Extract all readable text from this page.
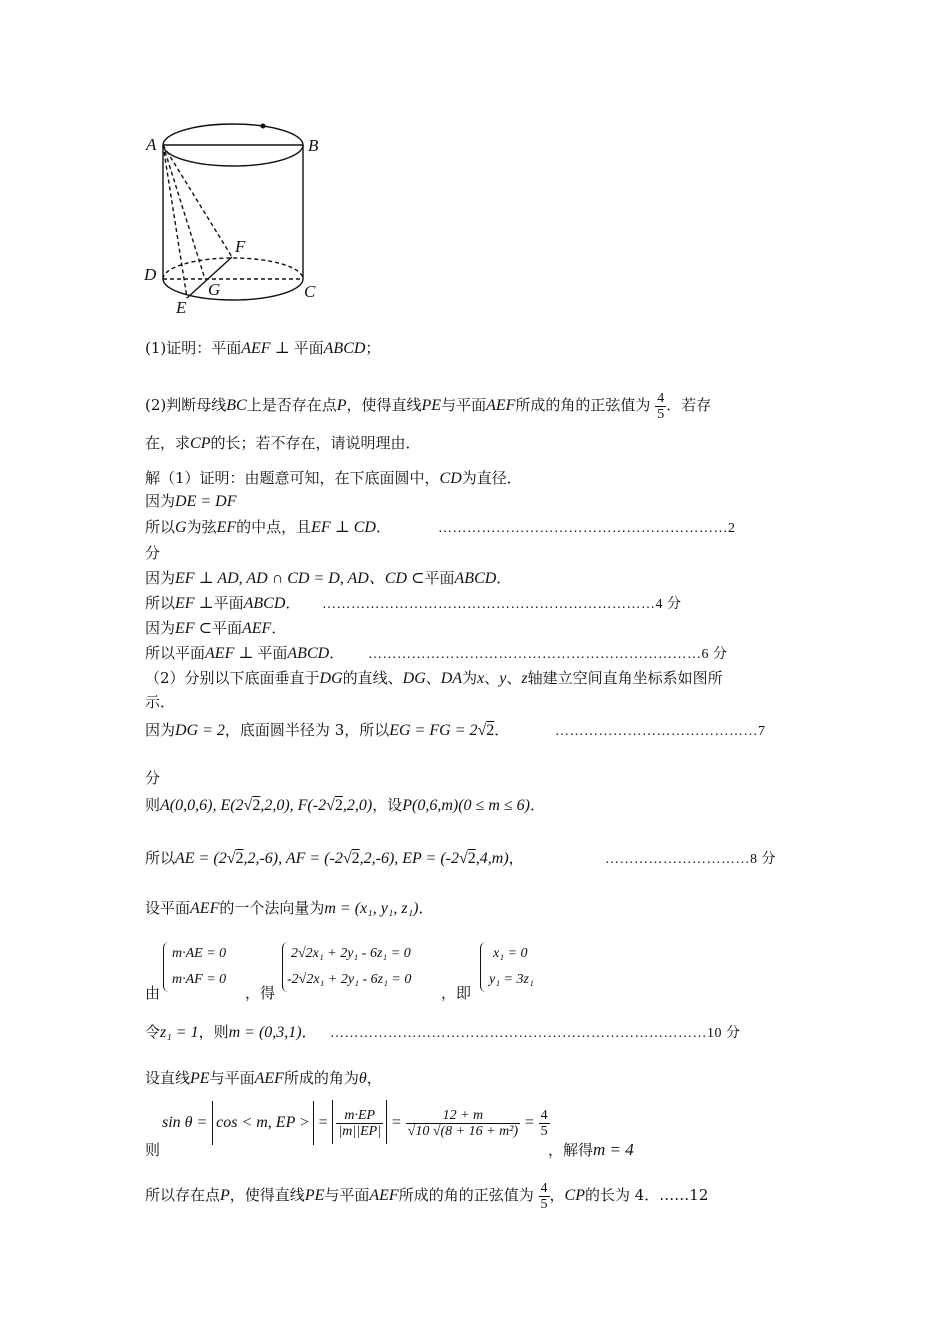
A	B
D
C
E
G
F
(1)证明：平面AEF ⊥ 平面ABCD；
(2)判断母线BC上是否存在点P，使得直线PE与平面AEF所成的角的正弦值为 $\frac{4}{5}$ ．若存
在，求CP的长；若不存在，请说明理由．
解（1）证明：由题意可知，在下底面圆中，CD为直径．
因为DE = DF
所以G为弦EF的中点，且EF ⊥ CD．	……………………………………………………2
分
因为EF ⊥ AD, AD ∩ CD = D, AD、CD ⊂平面ABCD．
所以EF ⊥平面ABCD． ……………………………………………………………4 分
因为EF ⊂平面AEF．
所以平面AEF ⊥ 平面ABCD． ……………………………………………………………6 分
（2）分别以下底面垂直于DG的直线、DG、DA为x、y、z轴建立空间直角坐标系如图所
示．
因为DG = 2，底面圆半径为 3，所以EG = FG = 2√2．	……………………………………7
分
则A(0,0,6), E(2√2,2,0), F(-2√2,2,0)，设P(0,6,m)(0 ≤ m ≤ 6)．
所以AE = (2√2,2,-6), AF = (-2√2,2,-6), EP = (-2√2,4,m)，	…………………………8 分
设平面AEF的一个法向量为m = (x₁, y₁, z₁)．
由
m·AE = 0
m·AF = 0
，得
2√2x₁ + 2y₁ - 6z₁ = 0
-2√2x₁ + 2y₁ - 6z₁ = 0
，即
x₁ = 0
y₁ = 3z₁
令z₁ = 1，则m = (0,3,1)． ……………………………………………………………………10 分
设直线PE与平面AEF所成的角为θ，
则
sin θ = cos < m, EP > = $\frac{m\cdot EP}{|m||EP|} = \frac{12 + m}{\text{√10 √(8 + 16 + m²)}} = \frac{4}{5}$
，解得m = 4
所以存在点P，使得直线PE与平面AEF所成的角的正弦值为 $\frac{4}{5}$ ，CP的长为 4．……12
